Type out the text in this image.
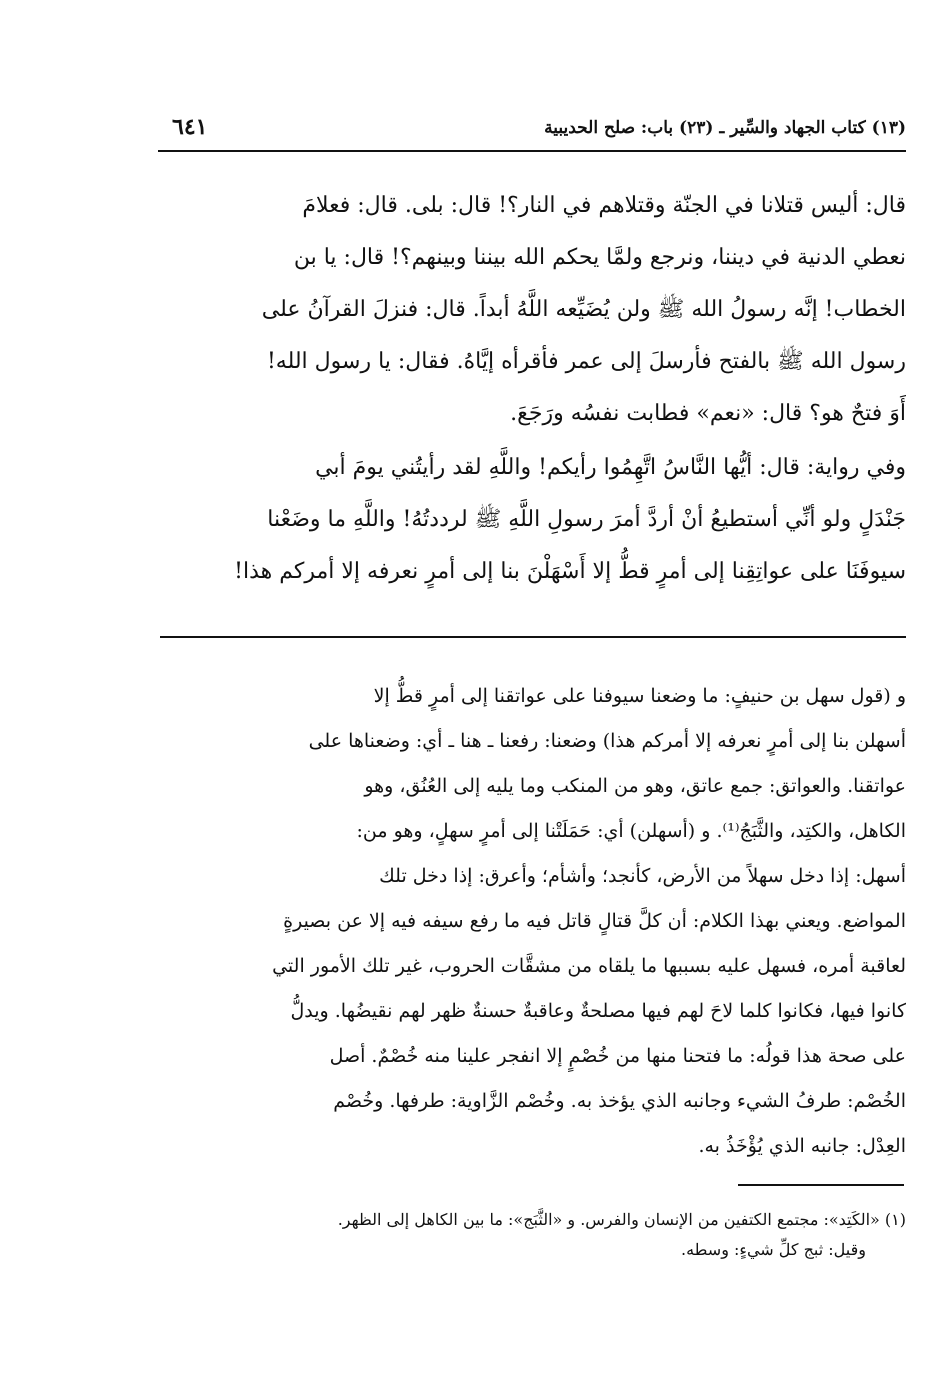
(١٣) كتاب الجهاد والسِّير ـ (٢٣) باب: صلح الحديبية
٦٤١
قال: أليس قتلانا في الجنّة وقتلاهم في النار؟! قال: بلى. قال: فعلامَ
نعطي الدنية في ديننا، ونرجع ولمَّا يحكم الله بيننا وبينهم؟! قال: يا بن
الخطاب! إنَّه رسولُ الله ﷺ ولن يُضَيِّعه اللَّهُ أبداً. قال: فنزلَ القرآنُ على
رسول الله ﷺ بالفتح فأرسلَ إلى عمر فأقرأه إيَّاهُ. فقال: يا رسول الله!
أَوَ فتحٌ هو؟ قال: «نعم» فطابت نفسُه ورَجَعَ.
وفي رواية: قال: أيُّها النَّاسُ اتَّهِمُوا رأيكم! واللَّهِ لقد رأيتُني يومَ أبي
جَنْدَلٍ ولو أنِّي أستطيعُ أنْ أردَّ أمرَ رسولِ اللَّهِ ﷺ لرددتُهُ! واللَّهِ ما وضَعْنا
سيوفَنَا على عواتِقِنا إلى أمرٍ قطُّ إلا أَسْهَلْنَ بنا إلى أمرٍ نعرفه إلا أمركم هذا!
و (قول سهل بن حنيفٍ: ما وضعنا سيوفنا على عواتقنا إلى أمرٍ قطُّ إلا
أسهلن بنا إلى أمرٍ نعرفه إلا أمركم هذا) وضعنا: رفعنا ـ هنا ـ أي: وضعناها على
عواتقنا. والعواتق: جمع عاتق، وهو من المنكب وما يليه إلى العُنُق، وهو
الكاهل، والكتِد، والثَّبَجُ⁽¹⁾. و (أسهلن) أي: حَمَلَتْنا إلى أمرٍ سهلٍ، وهو من:
أسهل: إذا دخل سهلاً من الأرض، كأنجد؛ وأشأم؛ وأعرق: إذا دخل تلك
المواضع. ويعني بهذا الكلام: أن كلَّ قتالٍ قاتل فيه ما رفع سيفه فيه إلا عن بصيرةٍ
لعاقبة أمره، فسهل عليه بسببها ما يلقاه من مشقَّات الحروب، غير تلك الأمور التي
كانوا فيها، فكانوا كلما لاحَ لهم فيها مصلحةٌ وعاقبةٌ حسنةٌ ظهر لهم نقيضُها. ويدلُّ
على صحة هذا قولُه: ما فتحنا منها من خُصْمٍ إلا انفجر علينا منه خُصْمٌ. أصل
الخُصْم: طرفُ الشيء وجانبه الذي يؤخذ به. وخُصْم الزَّاوية: طرفها. وخُصْم
العِدْل: جانبه الذي يُؤْخَذُ به.
(١) «الكَتِد»: مجتمع الكتفين من الإنسان والفرس. و «الثَّبَج»: ما بين الكاهل إلى الظهر.
وقيل: ثبج كلِّ شيءٍ: وسطه.
